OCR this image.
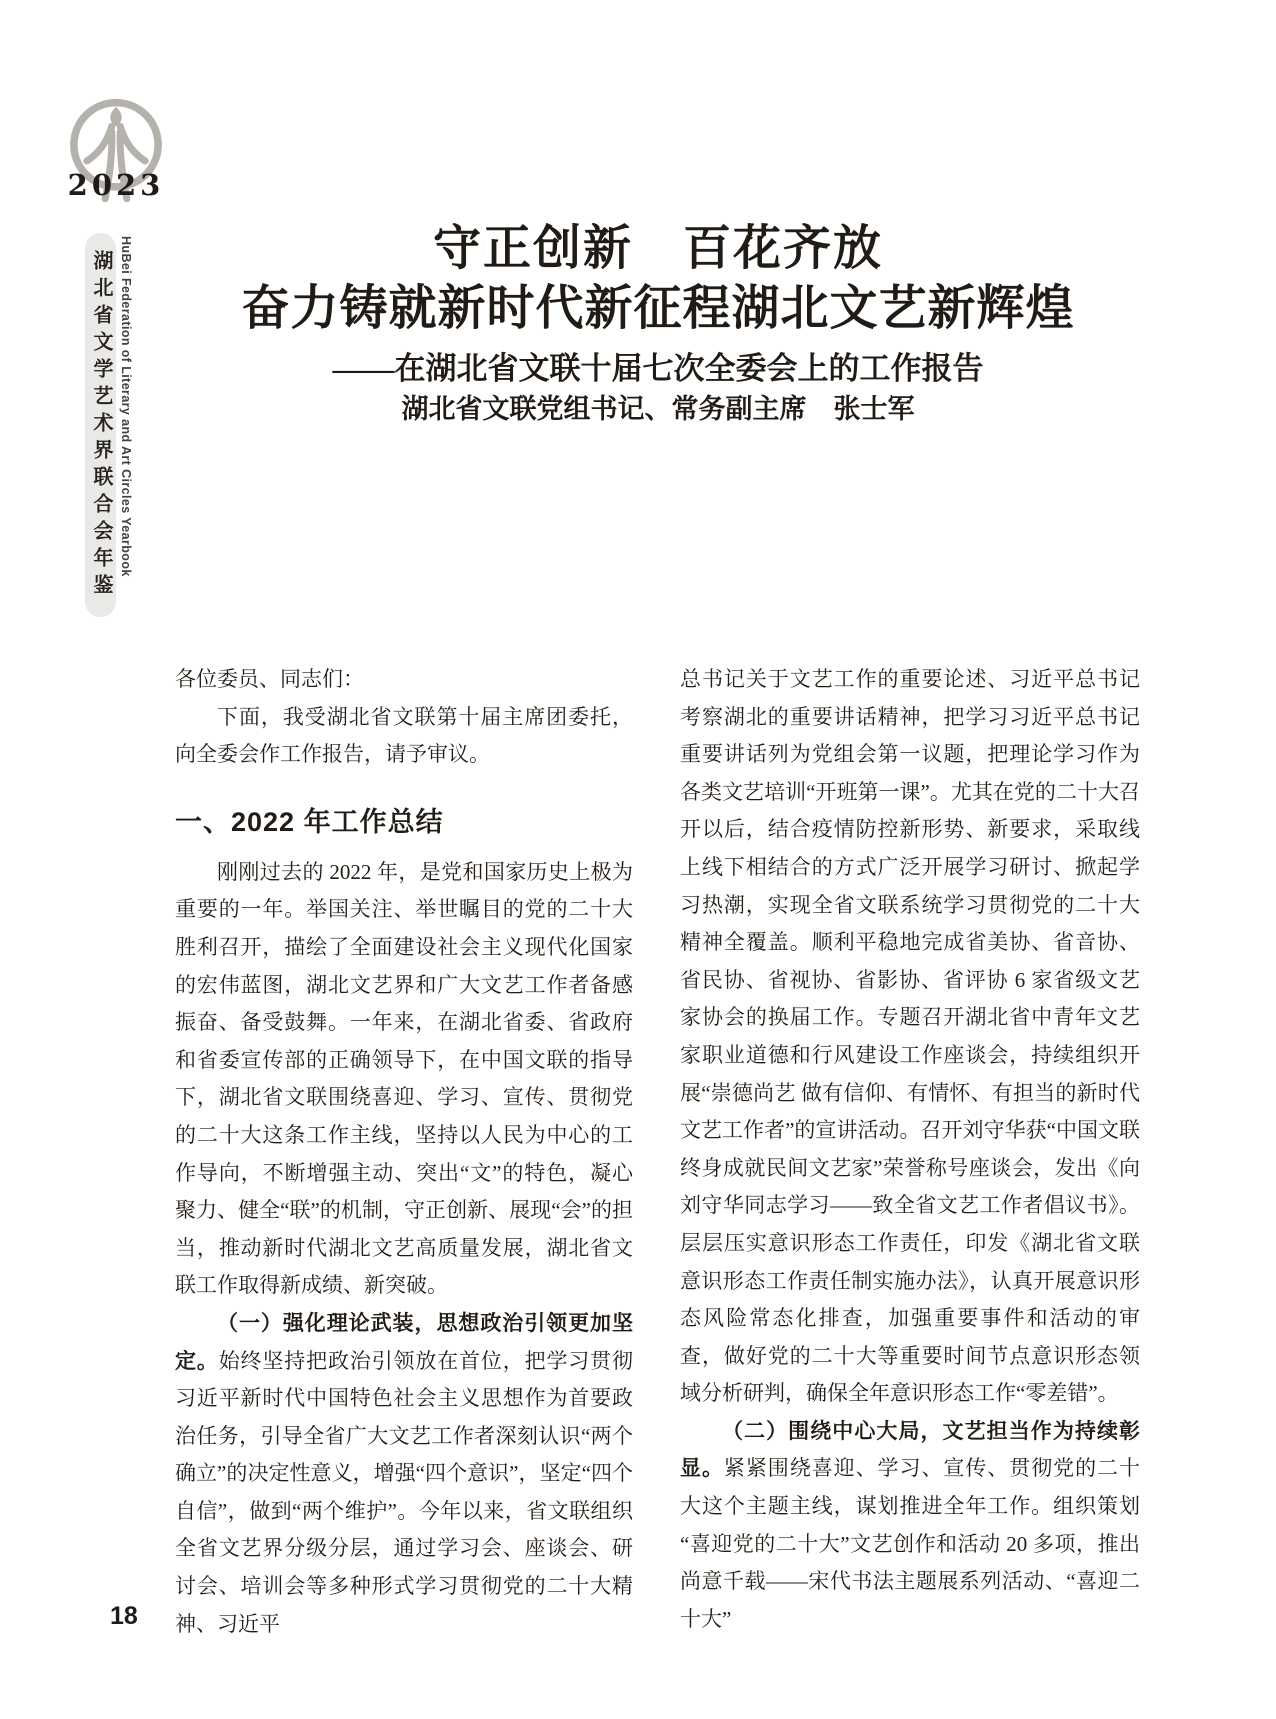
2023
湖北省文学艺术界联合会年鉴 HuBei Federation of Literary and Art Circles Yearbook
18
守正创新　百花齐放
奋力铸就新时代新征程湖北文艺新辉煌
——在湖北省文联十届七次全委会上的工作报告
湖北省文联党组书记、常务副主席　张士军

各位委员、同志们：

下面，我受湖北省文联第十届主席团委托，向全委会作工作报告，请予审议。

一、2022 年工作总结

刚刚过去的 2022 年，是党和国家历史上极为重要的一年。举国关注、举世瞩目的党的二十大胜利召开，描绘了全面建设社会主义现代化国家的宏伟蓝图，湖北文艺界和广大文艺工作者备感振奋、备受鼓舞。一年来，在湖北省委、省政府和省委宣传部的正确领导下，在中国文联的指导下，湖北省文联围绕喜迎、学习、宣传、贯彻党的二十大这条工作主线，坚持以人民为中心的工作导向，不断增强主动、突出“文”的特色，凝心聚力、健全“联”的机制，守正创新、展现“会”的担当，推动新时代湖北文艺高质量发展，湖北省文联工作取得新成绩、新突破。

（一）强化理论武装，思想政治引领更加坚定。始终坚持把政治引领放在首位，把学习贯彻习近平新时代中国特色社会主义思想作为首要政治任务，引导全省广大文艺工作者深刻认识“两个确立”的决定性意义，增强“四个意识”，坚定“四个自信”，做到“两个维护”。今年以来，省文联组织全省文艺界分级分层，通过学习会、座谈会、研讨会、培训会等多种形式学习贯彻党的二十大精神、习近平

总书记关于文艺工作的重要论述、习近平总书记考察湖北的重要讲话精神，把学习习近平总书记重要讲话列为党组会第一议题，把理论学习作为各类文艺培训“开班第一课”。尤其在党的二十大召开以后，结合疫情防控新形势、新要求，采取线上线下相结合的方式广泛开展学习研讨、掀起学习热潮，实现全省文联系统学习贯彻党的二十大精神全覆盖。顺利平稳地完成省美协、省音协、省民协、省视协、省影协、省评协 6 家省级文艺家协会的换届工作。专题召开湖北省中青年文艺家职业道德和行风建设工作座谈会，持续组织开展“崇德尚艺 做有信仰、有情怀、有担当的新时代文艺工作者”的宣讲活动。召开刘守华获“中国文联终身成就民间文艺家”荣誉称号座谈会，发出《向刘守华同志学习——致全省文艺工作者倡议书》。层层压实意识形态工作责任，印发《湖北省文联意识形态工作责任制实施办法》，认真开展意识形态风险常态化排查，加强重要事件和活动的审查，做好党的二十大等重要时间节点意识形态领域分析研判，确保全年意识形态工作“零差错”。

（二）围绕中心大局，文艺担当作为持续彰显。紧紧围绕喜迎、学习、宣传、贯彻党的二十大这个主题主线，谋划推进全年工作。组织策划“喜迎党的二十大”文艺创作和活动 20 多项，推出尚意千载——宋代书法主题展系列活动、“喜迎二十大”
